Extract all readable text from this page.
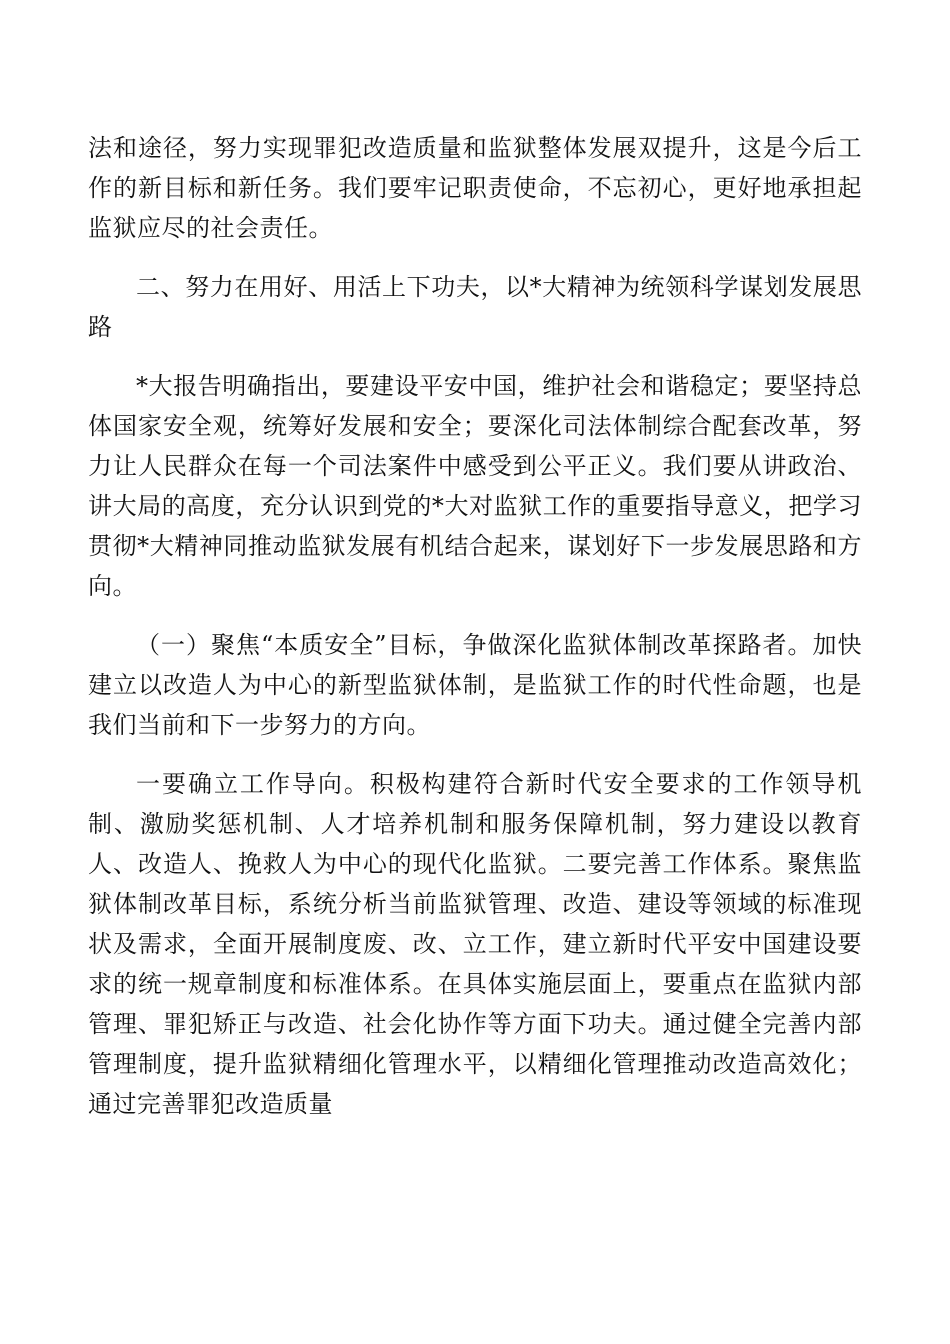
法和途径，努力实现罪犯改造质量和监狱整体发展双提升，这是今后工作的新目标和新任务。我们要牢记职责使命，不忘初心，更好地承担起监狱应尽的社会责任。

二、努力在用好、用活上下功夫，以*大精神为统领科学谋划发展思路

*大报告明确指出，要建设平安中国，维护社会和谐稳定；要坚持总体国家安全观，统筹好发展和安全；要深化司法体制综合配套改革，努力让人民群众在每一个司法案件中感受到公平正义。我们要从讲政治、讲大局的高度，充分认识到党的*大对监狱工作的重要指导意义，把学习贯彻*大精神同推动监狱发展有机结合起来，谋划好下一步发展思路和方向。

（一）聚焦“本质安全”目标，争做深化监狱体制改革探路者。加快建立以改造人为中心的新型监狱体制，是监狱工作的时代性命题，也是我们当前和下一步努力的方向。

一要确立工作导向。积极构建符合新时代安全要求的工作领导机制、激励奖惩机制、人才培养机制和服务保障机制，努力建设以教育人、改造人、挽救人为中心的现代化监狱。二要完善工作体系。聚焦监狱体制改革目标，系统分析当前监狱管理、改造、建设等领域的标准现状及需求，全面开展制度废、改、立工作，建立新时代平安中国建设要求的统一规章制度和标准体系。在具体实施层面上，要重点在监狱内部管理、罪犯矫正与改造、社会化协作等方面下功夫。通过健全完善内部管理制度，提升监狱精细化管理水平，以精细化管理推动改造高效化；通过完善罪犯改造质量
